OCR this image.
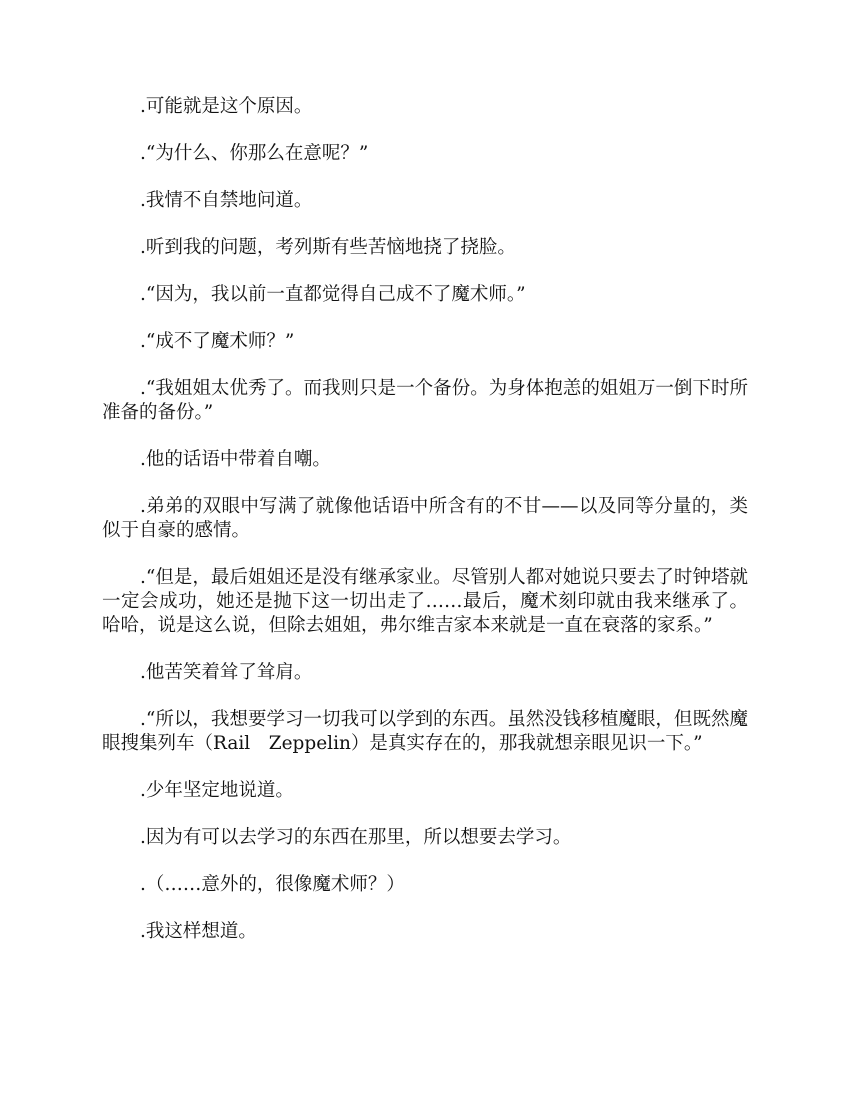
.可能就是这个原因。

.“为什么、你那么在意呢？”

.我情不自禁地问道。

.听到我的问题，考列斯有些苦恼地挠了挠脸。

.“因为，我以前一直都觉得自己成不了魔术师。”

.“成不了魔术师？”

.“我姐姐太优秀了。而我则只是一个备份。为身体抱恙的姐姐万一倒下时所准备的备份。”

.他的话语中带着自嘲。

.弟弟的双眼中写满了就像他话语中所含有的不甘——以及同等分量的，类似于自豪的感情。

.“但是，最后姐姐还是没有继承家业。尽管别人都对她说只要去了时钟塔就一定会成功，她还是抛下这一切出走了……最后，魔术刻印就由我来继承了。哈哈，说是这么说，但除去姐姐，弗尔维吉家本来就是一直在衰落的家系。”

.他苦笑着耸了耸肩。

.“所以，我想要学习一切我可以学到的东西。虽然没钱移植魔眼，但既然魔眼搜集列车（Rail　Zeppelin）是真实存在的，那我就想亲眼见识一下。”

.少年坚定地说道。

.因为有可以去学习的东西在那里，所以想要去学习。

.（……意外的，很像魔术师？）

.我这样想道。
